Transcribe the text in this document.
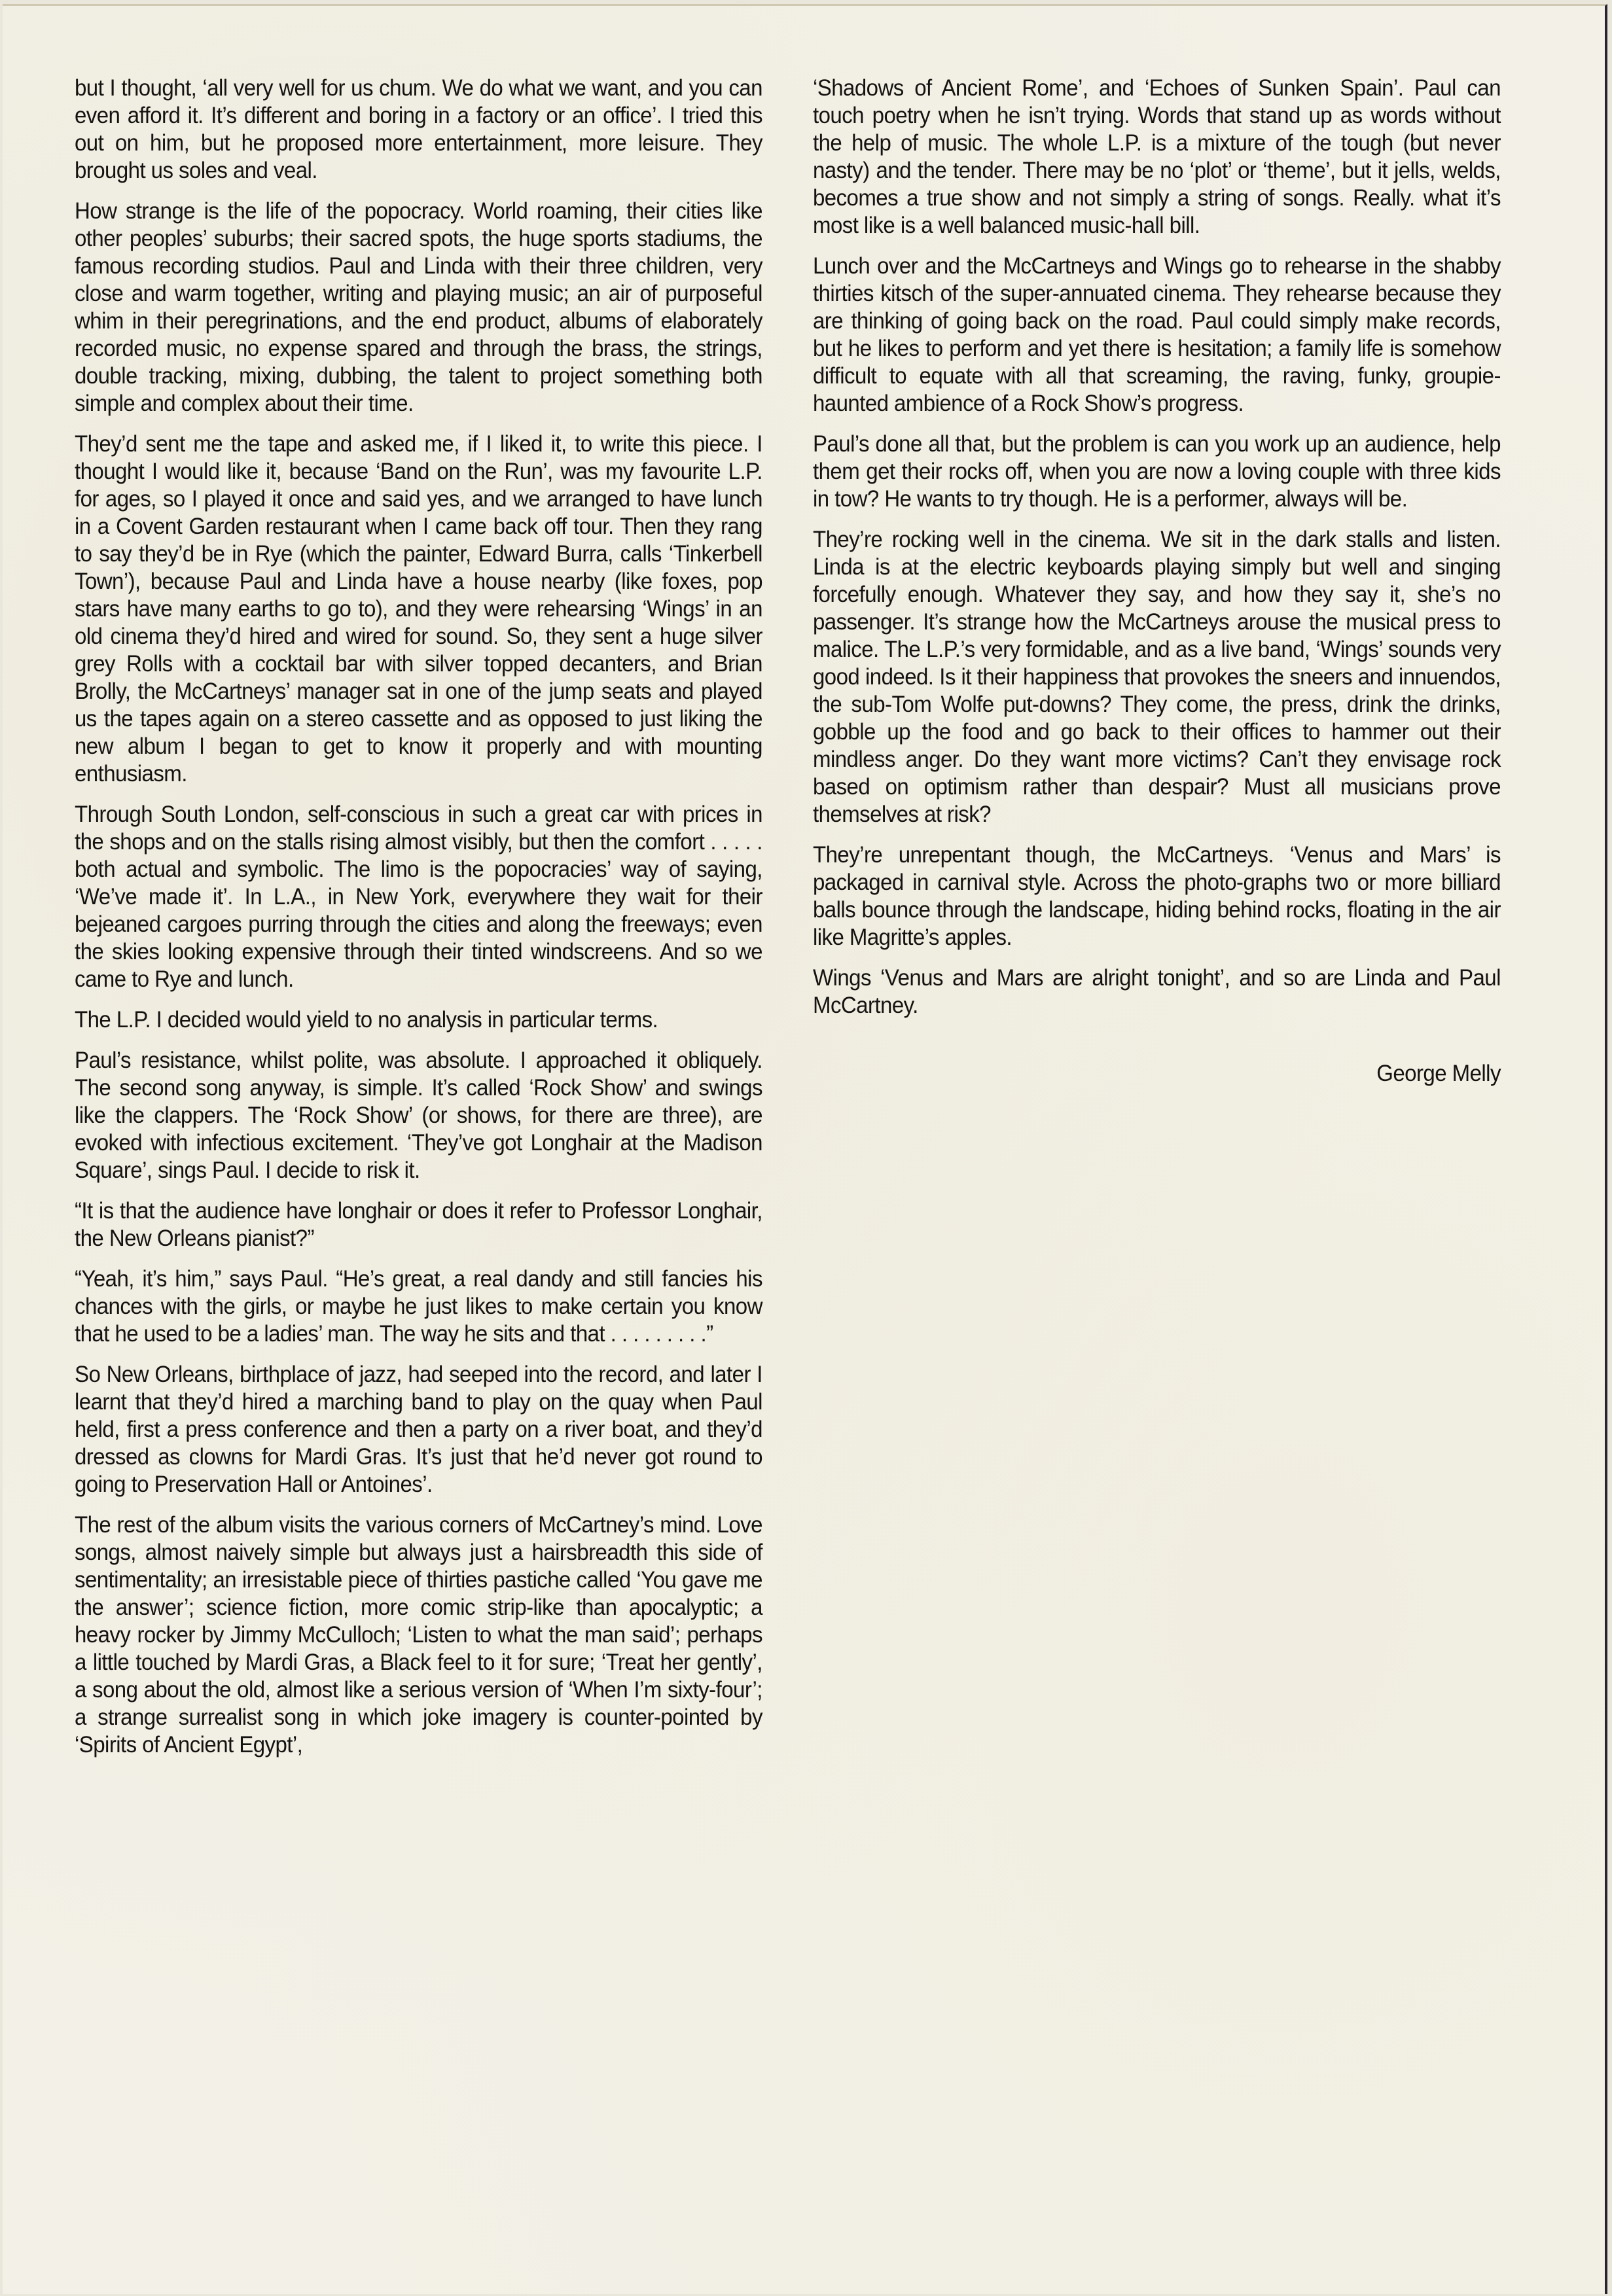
but I thought, ‘all very well for us chum. We do what we want, and you can even afford it. It’s different and boring in a factory or an office’. I tried this out on him, but he proposed more entertainment, more leisure. They brought us soles and veal.

How strange is the life of the popocracy. World roaming, their cities like other peoples’ suburbs; their sacred spots, the huge sports stadiums, the famous recording studios. Paul and Linda with their three children, very close and warm together, writing and playing music; an air of purposeful whim in their peregrinations, and the end product, albums of elaborately recorded music, no expense spared and through the brass, the strings, double tracking, mixing, dubbing, the talent to project something both simple and complex about their time.

They’d sent me the tape and asked me, if I liked it, to write this piece. I thought I would like it, because ‘Band on the Run’, was my favourite L.P. for ages, so I played it once and said yes, and we arranged to have lunch in a Covent Garden restaurant when I came back off tour. Then they rang to say they’d be in Rye (which the painter, Edward Burra, calls ‘Tinkerbell Town’), because Paul and Linda have a house nearby (like foxes, pop stars have many earths to go to), and they were rehearsing ‘Wings’ in an old cinema they’d hired and wired for sound. So, they sent a huge silver grey Rolls with a cocktail bar with silver topped decanters, and Brian Brolly, the McCartneys’ manager sat in one of the jump seats and played us the tapes again on a stereo cassette and as opposed to just liking the new album I began to get to know it properly and with mounting enthusiasm.

Through South London, self-conscious in such a great car with prices in the shops and on the stalls rising almost visibly, but then the comfort . . . . . both actual and symbolic. The limo is the popocracies’ way of saying, ‘We’ve made it’. In L.A., in New York, everywhere they wait for their bejeaned cargoes purring through the cities and along the freeways; even the skies looking expensive through their tinted windscreens. And so we came to Rye and lunch.

The L.P. I decided would yield to no analysis in particular terms.

Paul’s resistance, whilst polite, was absolute. I approached it obliquely. The second song anyway, is simple. It’s called ‘Rock Show’ and swings like the clappers. The ‘Rock Show’ (or shows, for there are three), are evoked with infectious excitement. ‘They’ve got Longhair at the Madison Square’, sings Paul. I decide to risk it.

“It is that the audience have longhair or does it refer to Professor Longhair, the New Orleans pianist?”

“Yeah, it’s him,” says Paul. “He’s great, a real dandy and still fancies his chances with the girls, or maybe he just likes to make certain you know that he used to be a ladies’ man. The way he sits and that . . . . . . . . .”

So New Orleans, birthplace of jazz, had seeped into the record, and later I learnt that they’d hired a marching band to play on the quay when Paul held, first a press conference and then a party on a river boat, and they’d dressed as clowns for Mardi Gras. It’s just that he’d never got round to going to Preservation Hall or Antoines’.

The rest of the album visits the various corners of McCartney’s mind. Love songs, almost naively simple but always just a hairsbreadth this side of sentimentality; an irresistable piece of thirties pastiche called ‘You gave me the answer’; science fiction, more comic strip-like than apocalyptic; a heavy rocker by Jimmy McCulloch; ‘Listen to what the man said’; perhaps a little touched by Mardi Gras, a Black feel to it for sure; ‘Treat her gently’, a song about the old, almost like a serious version of ‘When I’m sixty-four’; a strange surrealist song in which joke imagery is counter-pointed by ‘Spirits of Ancient Egypt’,

‘Shadows of Ancient Rome’, and ‘Echoes of Sunken Spain’. Paul can touch poetry when he isn’t trying. Words that stand up as words without the help of music. The whole L.P. is a mixture of the tough (but never nasty) and the tender. There may be no ‘plot’ or ‘theme’, but it jells, welds, becomes a true show and not simply a string of songs. Really. what it’s most like is a well balanced music-hall bill.

Lunch over and the McCartneys and Wings go to rehearse in the shabby thirties kitsch of the super-annuated cinema. They rehearse because they are thinking of going back on the road. Paul could simply make records, but he likes to perform and yet there is hesitation; a family life is somehow difficult to equate with all that screaming, the raving, funky, groupie-haunted ambience of a Rock Show’s progress.

Paul’s done all that, but the problem is can you work up an audience, help them get their rocks off, when you are now a loving couple with three kids in tow? He wants to try though. He is a performer, always will be.

They’re rocking well in the cinema. We sit in the dark stalls and listen. Linda is at the electric keyboards playing simply but well and singing forcefully enough. Whatever they say, and how they say it, she’s no passenger. It’s strange how the McCartneys arouse the musical press to malice. The L.P.’s very formidable, and as a live band, ‘Wings’ sounds very good indeed. Is it their happiness that provokes the sneers and innuendos, the sub-Tom Wolfe put-downs? They come, the press, drink the drinks, gobble up the food and go back to their offices to hammer out their mindless anger. Do they want more victims? Can’t they envisage rock based on optimism rather than despair? Must all musicians prove themselves at risk?

They’re unrepentant though, the McCartneys. ‘Venus and Mars’ is packaged in carnival style. Across the photo-graphs two or more billiard balls bounce through the landscape, hiding behind rocks, floating in the air like Magritte’s apples.

Wings ‘Venus and Mars are alright tonight’, and so are Linda and Paul McCartney.

George Melly
